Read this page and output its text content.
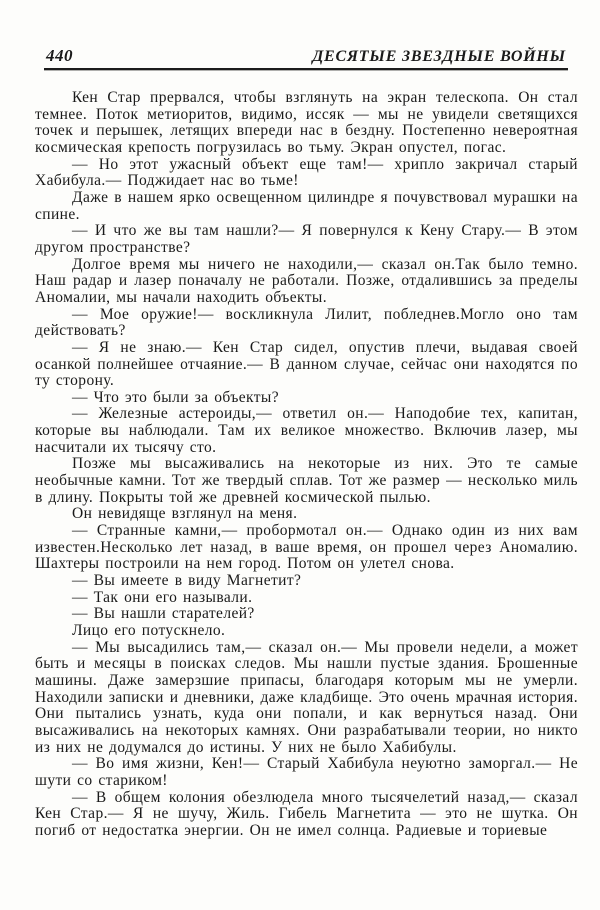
440	ДЕСЯТЫЕ ЗВЕЗДНЫЕ ВОЙНЫ

Кен Стар прервался, чтобы взглянуть на экран телескопа. Он стал темнее. Поток метиоритов, видимо, иссяк — мы не увидели светящихся точек и перышек, летящих впереди нас в бездну. Постепенно невероятная космическая крепость погрузилась во тьму. Экран опустел, погас.

— Но этот ужасный объект еще там!— хрипло закричал старый Хабибула.— Поджидает нас во тьме!

Даже в нашем ярко освещенном цилиндре я почувствовал мурашки на спине.

— И что же вы там нашли?— Я повернулся к Кену Стару.— В этом другом пространстве?

Долгое время мы ничего не находили,— сказал он.Так было темно. Наш радар и лазер поначалу не работали. Позже, отдалившись за пределы Аномалии, мы начали находить объекты.

— Мое оружие!— воскликнула Лилит, побледнев.Могло оно там действовать?

— Я не знаю.— Кен Стар сидел, опустив плечи, выдавая своей осанкой полнейшее отчаяние.— В данном случае, сейчас они находятся по ту сторону.

— Что это были за объекты?

— Железные астероиды,— ответил он.— Наподобие тех, капитан, которые вы наблюдали. Там их великое множество. Включив лазер, мы насчитали их тысячу сто.

Позже мы высаживались на некоторые из них. Это те самые необычные камни. Тот же твердый сплав. Тот же размер — несколько миль в длину. Покрыты той же древней космической пылью.

Он невидяще взглянул на меня.

— Странные камни,— пробормотал он.— Однако один из них вам известен.Несколько лет назад, в ваше время, он прошел через Аномалию. Шахтеры построили на нем город. Потом он улетел снова.

— Вы имеете в виду Магнетит?

— Так они его называли.

— Вы нашли старателей?

Лицо его потускнело.

— Мы высадились там,— сказал он.— Мы провели недели, а может быть и месяцы в поисках следов. Мы нашли пустые здания. Брошенные машины. Даже замерзшие припасы, благодаря которым мы не умерли. Находили записки и дневники, даже кладбище. Это очень мрачная история. Они пытались узнать, куда они попали, и как вернуться назад. Они высаживались на некоторых камнях. Они разрабатывали теории, но никто из них не додумался до истины. У них не было Хабибулы.

— Во имя жизни, Кен!— Старый Хабибула неуютно заморгал.— Не шути со стариком!

— В общем колония обезлюдела много тысячелетий назад,— сказал Кен Стар.— Я не шучу, Жиль. Гибель Магнетита — это не шутка. Он погиб от недостатка энергии. Он не имел солнца. Радиевые и ториевые
